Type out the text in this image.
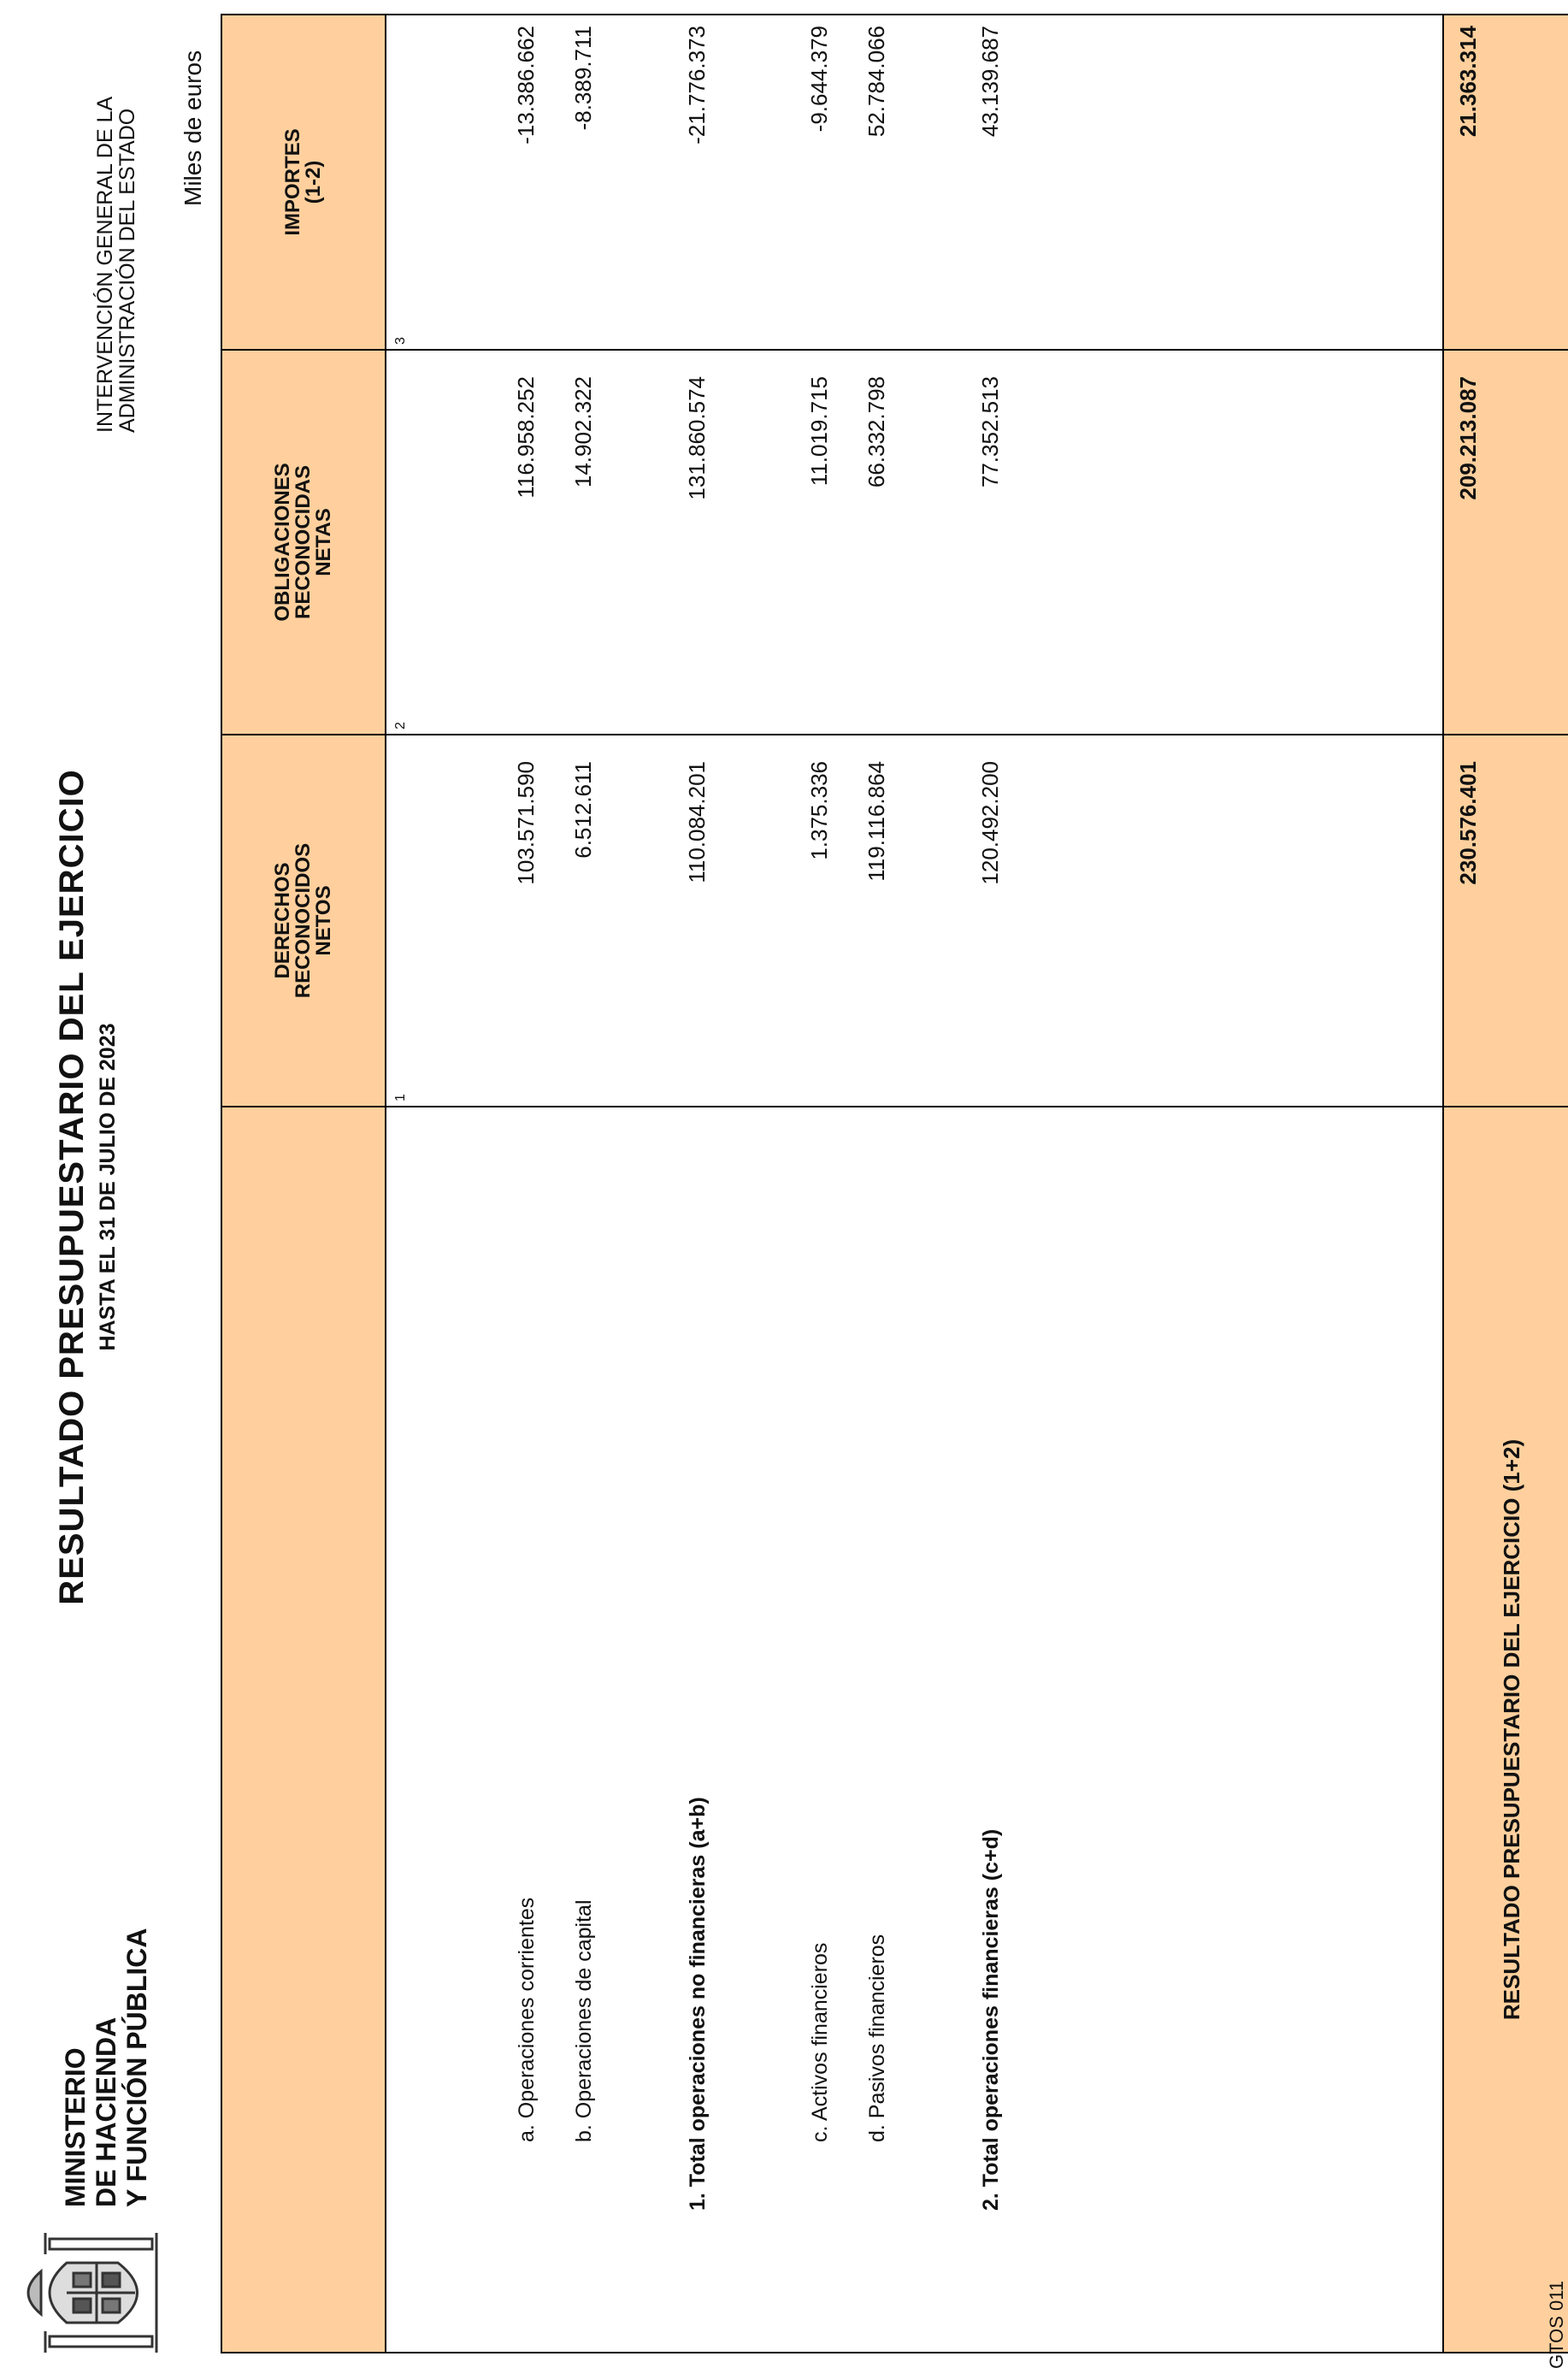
MINISTERIO DE HACIENDA Y FUNCIÓN PÚBLICA
RESULTADO PRESUPUESTARIO DEL EJERCICIO HASTA EL 31 DE JULIO DE 2023
INTERVENCIÓN GENERAL DE LA
ADMINISTRACIÓN DEL ESTADO Miles de euros
DERECHOS
RECONOCIDOS
NETOS
OBLIGACIONES
RECONOCIDAS
NETAS
IMPORTES
(1-2)
1
2
3
a. Operaciones corrientes
103.571.590
116.958.252
-13.386.662
b. Operaciones de capital
6.512.611
14.902.322
-8.389.711
1. Total operaciones no financieras (a+b)
110.084.201
131.860.574
-21.776.373
c. Activos financieros
1.375.336
11.019.715
-9.644.379
d. Pasivos financieros
119.116.864
66.332.798
52.784.066
2. Total operaciones financieras (c+d)
120.492.200
77.352.513
43.139.687
RESULTADO PRESUPUESTARIO DEL EJERCICIO (1+2)
230.576.401
209.213.087
21.363.314
GTOS 011
